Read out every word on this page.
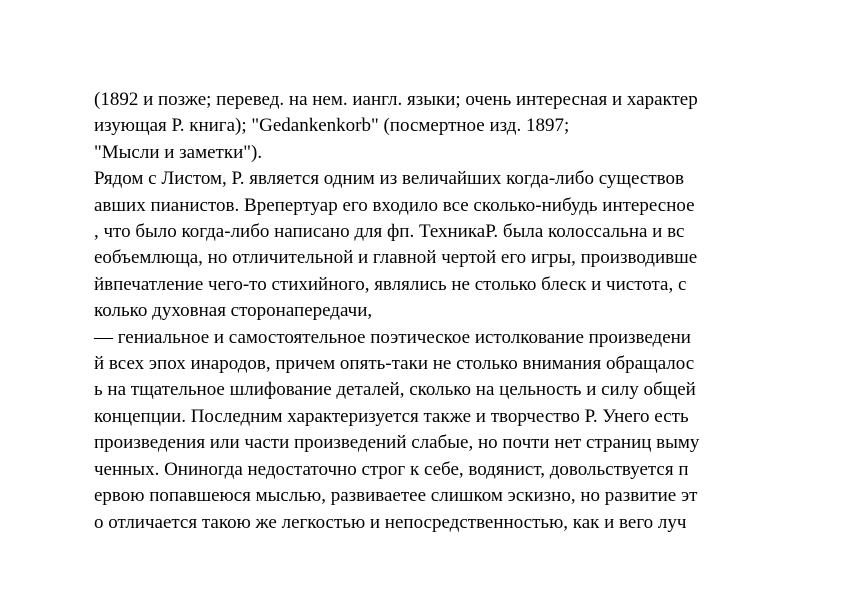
(1892 и позже; перевед. на нем. иангл. языки; очень интересная и характер
изующая Р. книга); "Gedankenkorb" (посмертное изд. 1897;
"Мысли и заметки").
Рядом с Листом, Р. является одним из величайших когда-либо существов
авших пианистов. Врепертуар его входило все сколько-нибудь интересное
, что было когда-либо написано для фп. ТехникаР. была колоссальна и вс
еобъемлюща, но отличительной и главной чертой его игры, производивше
йвпечатление чего-то стихийного, являлись не столько блеск и чистота, с
колько духовная сторонапередачи,
— гениальное и самостоятельное поэтическое истолкование произведени
й всех эпох инародов, причем опять-таки не столько внимания обращалос
ь на тщательное шлифование деталей, сколько на цельность и силу общей
концепции. Последним характеризуется также и творчество Р. Унего есть
произведения или части произведений слабые, но почти нет страниц выму
ченных. Ониногда недостаточно строг к себе, водянист, довольствуется п
ервою попавшеюся мыслью, развиваетее слишком эскизно, но развитие эт
о отличается такою же легкостью и непосредственностью, как и вего луч
